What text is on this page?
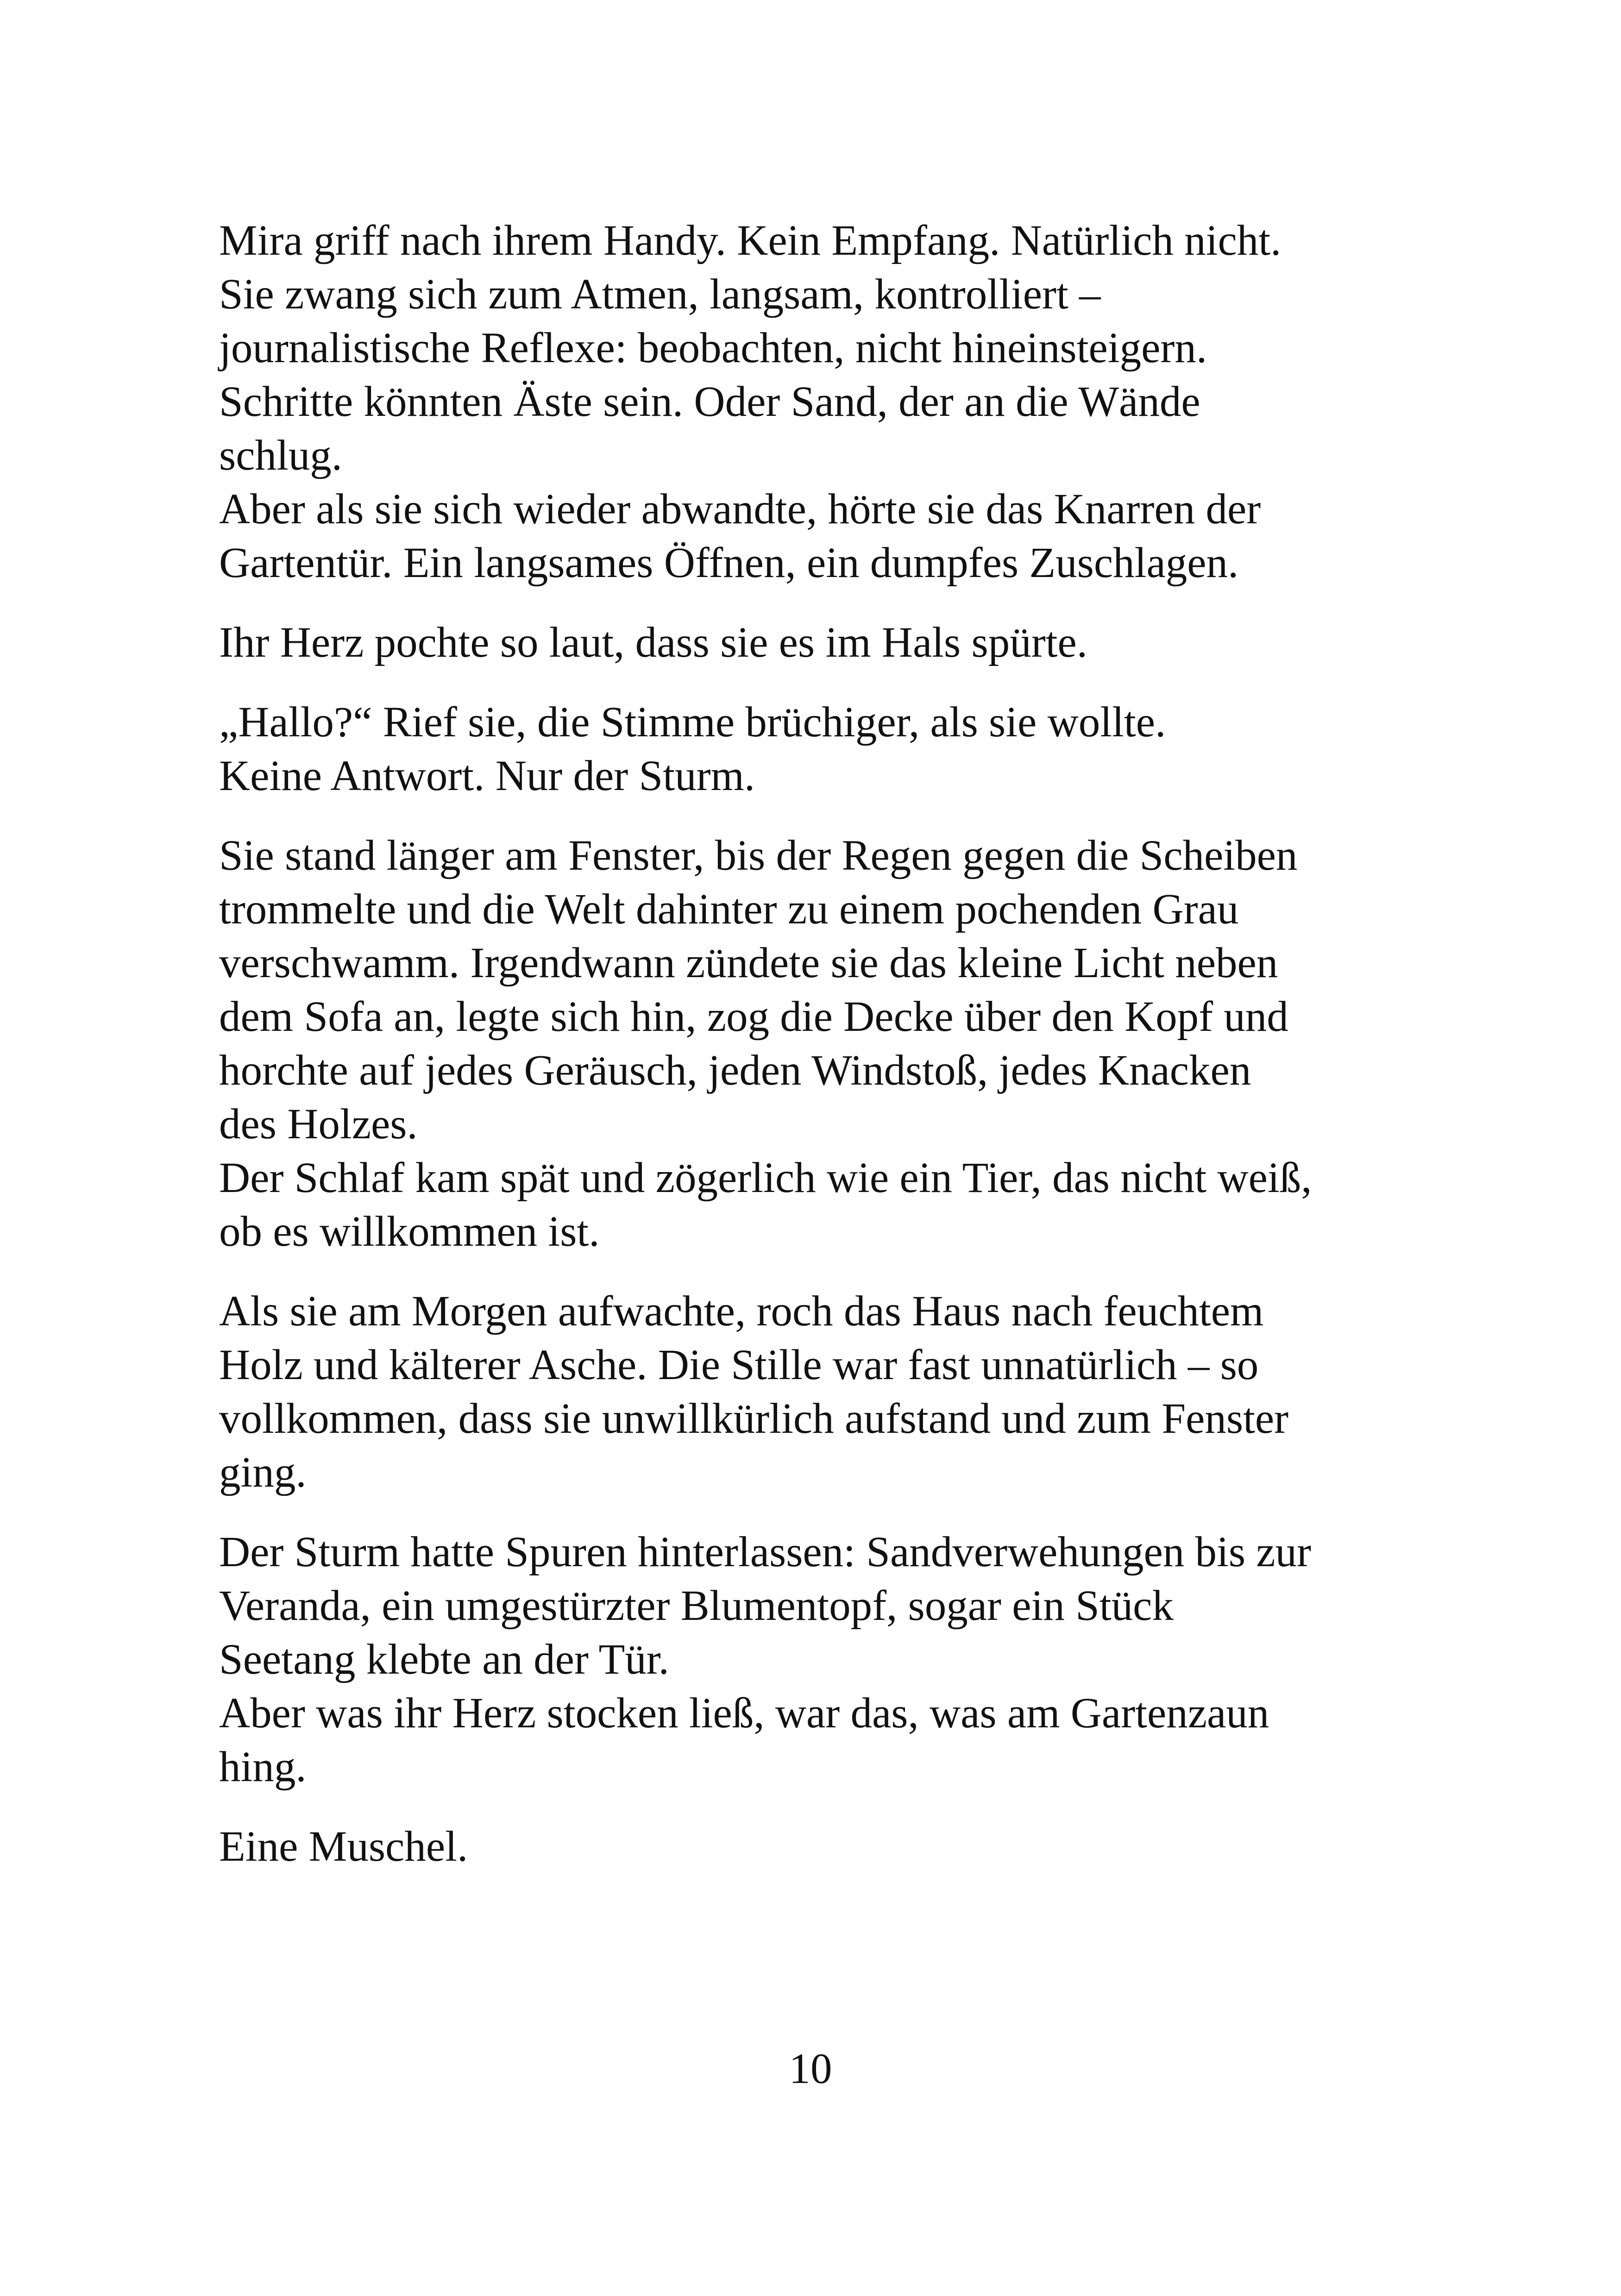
Mira griff nach ihrem Handy. Kein Empfang. Natürlich nicht.
Sie zwang sich zum Atmen, langsam, kontrolliert –
journalistische Reflexe: beobachten, nicht hineinsteigern.
Schritte könnten Äste sein. Oder Sand, der an die Wände
schlug.
Aber als sie sich wieder abwandte, hörte sie das Knarren der
Gartentür. Ein langsames Öffnen, ein dumpfes Zuschlagen.

Ihr Herz pochte so laut, dass sie es im Hals spürte.

„Hallo?“ Rief sie, die Stimme brüchiger, als sie wollte.
Keine Antwort. Nur der Sturm.

Sie stand länger am Fenster, bis der Regen gegen die Scheiben
trommelte und die Welt dahinter zu einem pochenden Grau
verschwamm. Irgendwann zündete sie das kleine Licht neben
dem Sofa an, legte sich hin, zog die Decke über den Kopf und
horchte auf jedes Geräusch, jeden Windstoß, jedes Knacken
des Holzes.
Der Schlaf kam spät und zögerlich wie ein Tier, das nicht weiß,
ob es willkommen ist.

Als sie am Morgen aufwachte, roch das Haus nach feuchtem
Holz und kälterer Asche. Die Stille war fast unnatürlich – so
vollkommen, dass sie unwillkürlich aufstand und zum Fenster
ging.

Der Sturm hatte Spuren hinterlassen: Sandverwehungen bis zur
Veranda, ein umgestürzter Blumentopf, sogar ein Stück
Seetang klebte an der Tür.
Aber was ihr Herz stocken ließ, war das, was am Gartenzaun
hing.

Eine Muschel.

10
